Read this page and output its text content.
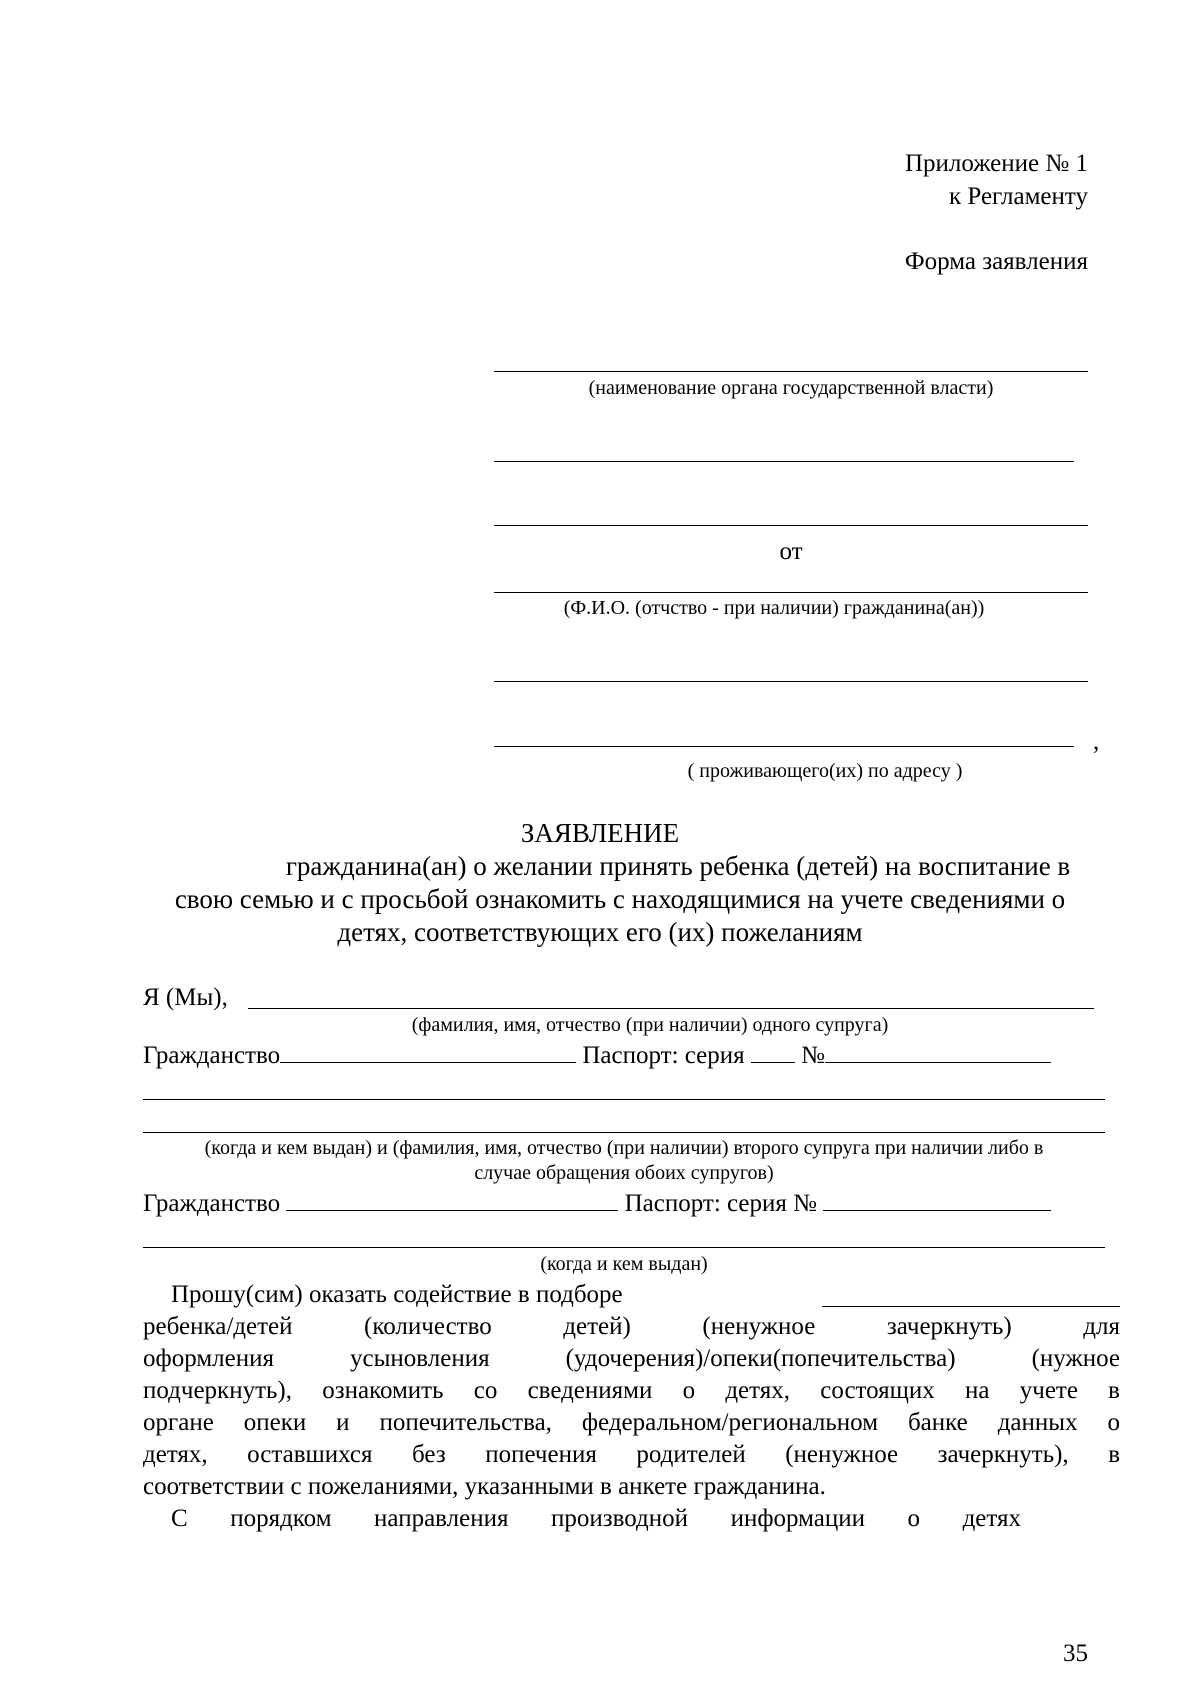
Приложение № 1
к Регламенту
Форма заявления
(наименование органа государственной власти)
от
(Ф.И.О. (отчство - при наличии) гражданина(ан))
,
( проживающего(их) по адресу )
ЗАЯВЛЕНИЕ
гражданина(ан) о желании принять ребенка (детей) на воспитание в
свою семью и с просьбой ознакомить с находящимися на учете сведениями о
детях, соответствующих его (их) пожеланиям
Я (Мы),
(фамилия, имя, отчество (при наличии) одного супруга)
Гражданство	Паспорт: серия №
(когда и кем выдан) и (фамилия, имя, отчество (при наличии) второго супруга при наличии либо в
случае обращения обоих супругов)
Гражданство	Паспорт: серия №
(когда и кем выдан)
Прошу(сим) оказать содействие в подборе
ребенка/детей (количество детей) (ненужное зачеркнуть) для
оформления усыновления (удочерения)/опеки(попечительства) (нужное
подчеркнуть), ознакомить со сведениями о детях, состоящих на учете в
органе опеки и попечительства, федеральном/региональном банке данных о
детях, оставшихся без попечения родителей (ненужное зачеркнуть), в
соответствии с пожеланиями, указанными в анкете гражданина.
С порядком направления производной информации о детях
35
